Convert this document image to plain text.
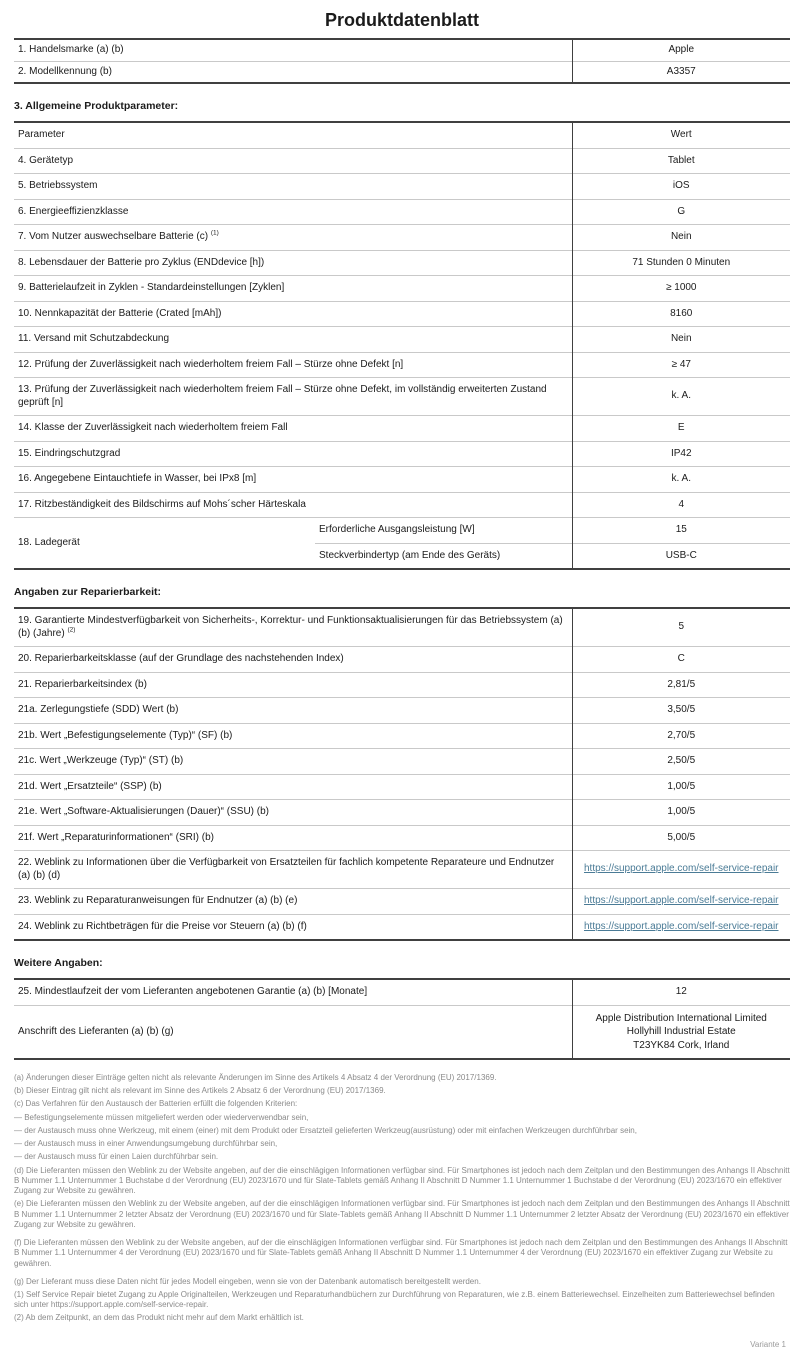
Produktdatenblatt
1. Handelsmarke (a) (b)	Apple
2. Modellkennung (b)	A3357
3. Allgemeine Produktparameter:
Parameter		Wert
4. Gerätetyp		Tablet
5. Betriebssystem		iOS
6. Energieeffizienzklasse		G
7. Vom Nutzer auswechselbare Batterie (c) $^{(1)}$		Nein
8. Lebensdauer der Batterie pro Zyklus (ENDdevice [h])		71 Stunden 0 Minuten
9. Batterielaufzeit in Zyklen - Standardeinstellungen [Zyklen]		≥ 1000
10. Nennkapazität der Batterie (Crated [mAh])		8160
11. Versand mit Schutzabdeckung		Nein
12. Prüfung der Zuverlässigkeit nach wiederholtem freiem Fall – Stürze ohne Defekt [n]		≥ 47
13. Prüfung der Zuverlässigkeit nach wiederholtem freiem Fall – Stürze ohne Defekt, im vollständig erweiterten Zustand geprüft [n]		k. A.
14. Klasse der Zuverlässigkeit nach wiederholtem freiem Fall		E
15. Eindringschutzgrad		IP42
16. Angegebene Eintauchtiefe in Wasser, bei IPx8 [m]		k. A.
17. Ritzbeständigkeit des Bildschirms auf Mohs´scher Härteskala		4
18. Ladegerät	Erforderliche Ausgangsleistung [W]	15
	Steckverbindertyp (am Ende des Geräts)	USB-C
Angaben zur Reparierbarkeit:
19. Garantierte Mindestverfügbarkeit von Sicherheits-, Korrektur- und Funktionsaktualisierungen für das Betriebssystem (a) (b) (Jahre) $^{(2)}$	5
20. Reparierbarkeitsklasse (auf der Grundlage des nachstehenden Index)	C
21. Reparierbarkeitsindex (b)	2,81/5
21a. Zerlegungstiefe (SDD) Wert (b)	3,50/5
21b. Wert „Befestigungselemente (Typ)“ (SF) (b)	2,70/5
21c. Wert „Werkzeuge (Typ)“ (ST) (b)	2,50/5
21d. Wert „Ersatzteile“ (SSP) (b)	1,00/5
21e. Wert „Software-Aktualisierungen (Dauer)“ (SSU) (b)	1,00/5
21f. Wert „Reparaturinformationen“ (SRI) (b)	5,00/5
22. Weblink zu Informationen über die Verfügbarkeit von Ersatzteilen für fachlich kompetente Reparateure und Endnutzer (a) (b) (d)	https://support.apple.com/self-service-repair
23. Weblink zu Reparaturanweisungen für Endnutzer (a) (b) (e)	https://support.apple.com/self-service-repair
24. Weblink zu Richtbeträgen für die Preise vor Steuern (a) (b) (f)	https://support.apple.com/self-service-repair
Weitere Angaben:
25. Mindestlaufzeit der vom Lieferanten angebotenen Garantie (a) (b) [Monate]	12
Anschrift des Lieferanten (a) (b) (g)	Apple Distribution International Limited
Hollyhill Industrial Estate
T23YK84 Cork, Irland

(a) Änderungen dieser Einträge gelten nicht als relevante Änderungen im Sinne des Artikels 4 Absatz 4 der Verordnung (EU) 2017/1369.

(b) Dieser Eintrag gilt nicht als relevant im Sinne des Artikels 2 Absatz 6 der Verordnung (EU) 2017/1369.

(c) Das Verfahren für den Austausch der Batterien erfüllt die folgenden Kriterien:

— Befestigungselemente müssen mitgeliefert werden oder wiederverwendbar sein,

— der Austausch muss ohne Werkzeug, mit einem (einer) mit dem Produkt oder Ersatzteil gelieferten Werkzeug(ausrüstung) oder mit einfachen Werkzeugen durchführbar sein,

— der Austausch muss in einer Anwendungsumgebung durchführbar sein,

— der Austausch muss für einen Laien durchführbar sein.

(d) Die Lieferanten müssen den Weblink zu der Website angeben, auf der die einschlägigen Informationen verfügbar sind. Für Smartphones ist jedoch nach dem Zeitplan und den Bestimmungen des Anhangs II Abschnitt B Nummer 1.1 Unternummer 1 Buchstabe d der Verordnung (EU) 2023/1670 und für Slate-Tablets gemäß Anhang II Abschnitt D Nummer 1.1 Unternummer 1 Buchstabe d der Verordnung (EU) 2023/1670 ein effektiver Zugang zur Website zu gewähren.

(e) Die Lieferanten müssen den Weblink zu der Website angeben, auf der die einschlägigen Informationen verfügbar sind. Für Smartphones ist jedoch nach dem Zeitplan und den Bestimmungen des Anhangs II Abschnitt B Nummer 1.1 Unternummer 2 letzter Absatz der Verordnung (EU) 2023/1670 und für Slate-Tablets gemäß Anhang II Abschnitt D Nummer 1.1 Unternummer 2 letzter Absatz der Verordnung (EU) 2023/1670 ein effektiver Zugang zur Website zu gewähren.

(f) Die Lieferanten müssen den Weblink zu der Website angeben, auf der die einschlägigen Informationen verfügbar sind. Für Smartphones ist jedoch nach dem Zeitplan und den Bestimmungen des Anhangs II Abschnitt B Nummer 1.1 Unternummer 4 der Verordnung (EU) 2023/1670 und für Slate-Tablets gemäß Anhang II Abschnitt D Nummer 1.1 Unternummer 4 der Verordnung (EU) 2023/1670 ein effektiver Zugang zur Website zu gewähren.

(g) Der Lieferant muss diese Daten nicht für jedes Modell eingeben, wenn sie von der Datenbank automatisch bereitgestellt werden.

(1) Self Service Repair bietet Zugang zu Apple Originalteilen, Werkzeugen und Reparaturhandbüchern zur Durchführung von Reparaturen, wie z.B. einem Batteriewechsel. Einzelheiten zum Batteriewechsel befinden sich unter https://support.apple.com/self-service-repair.

(2) Ab dem Zeitpunkt, an dem das Produkt nicht mehr auf dem Markt erhältlich ist.

Variante 1
